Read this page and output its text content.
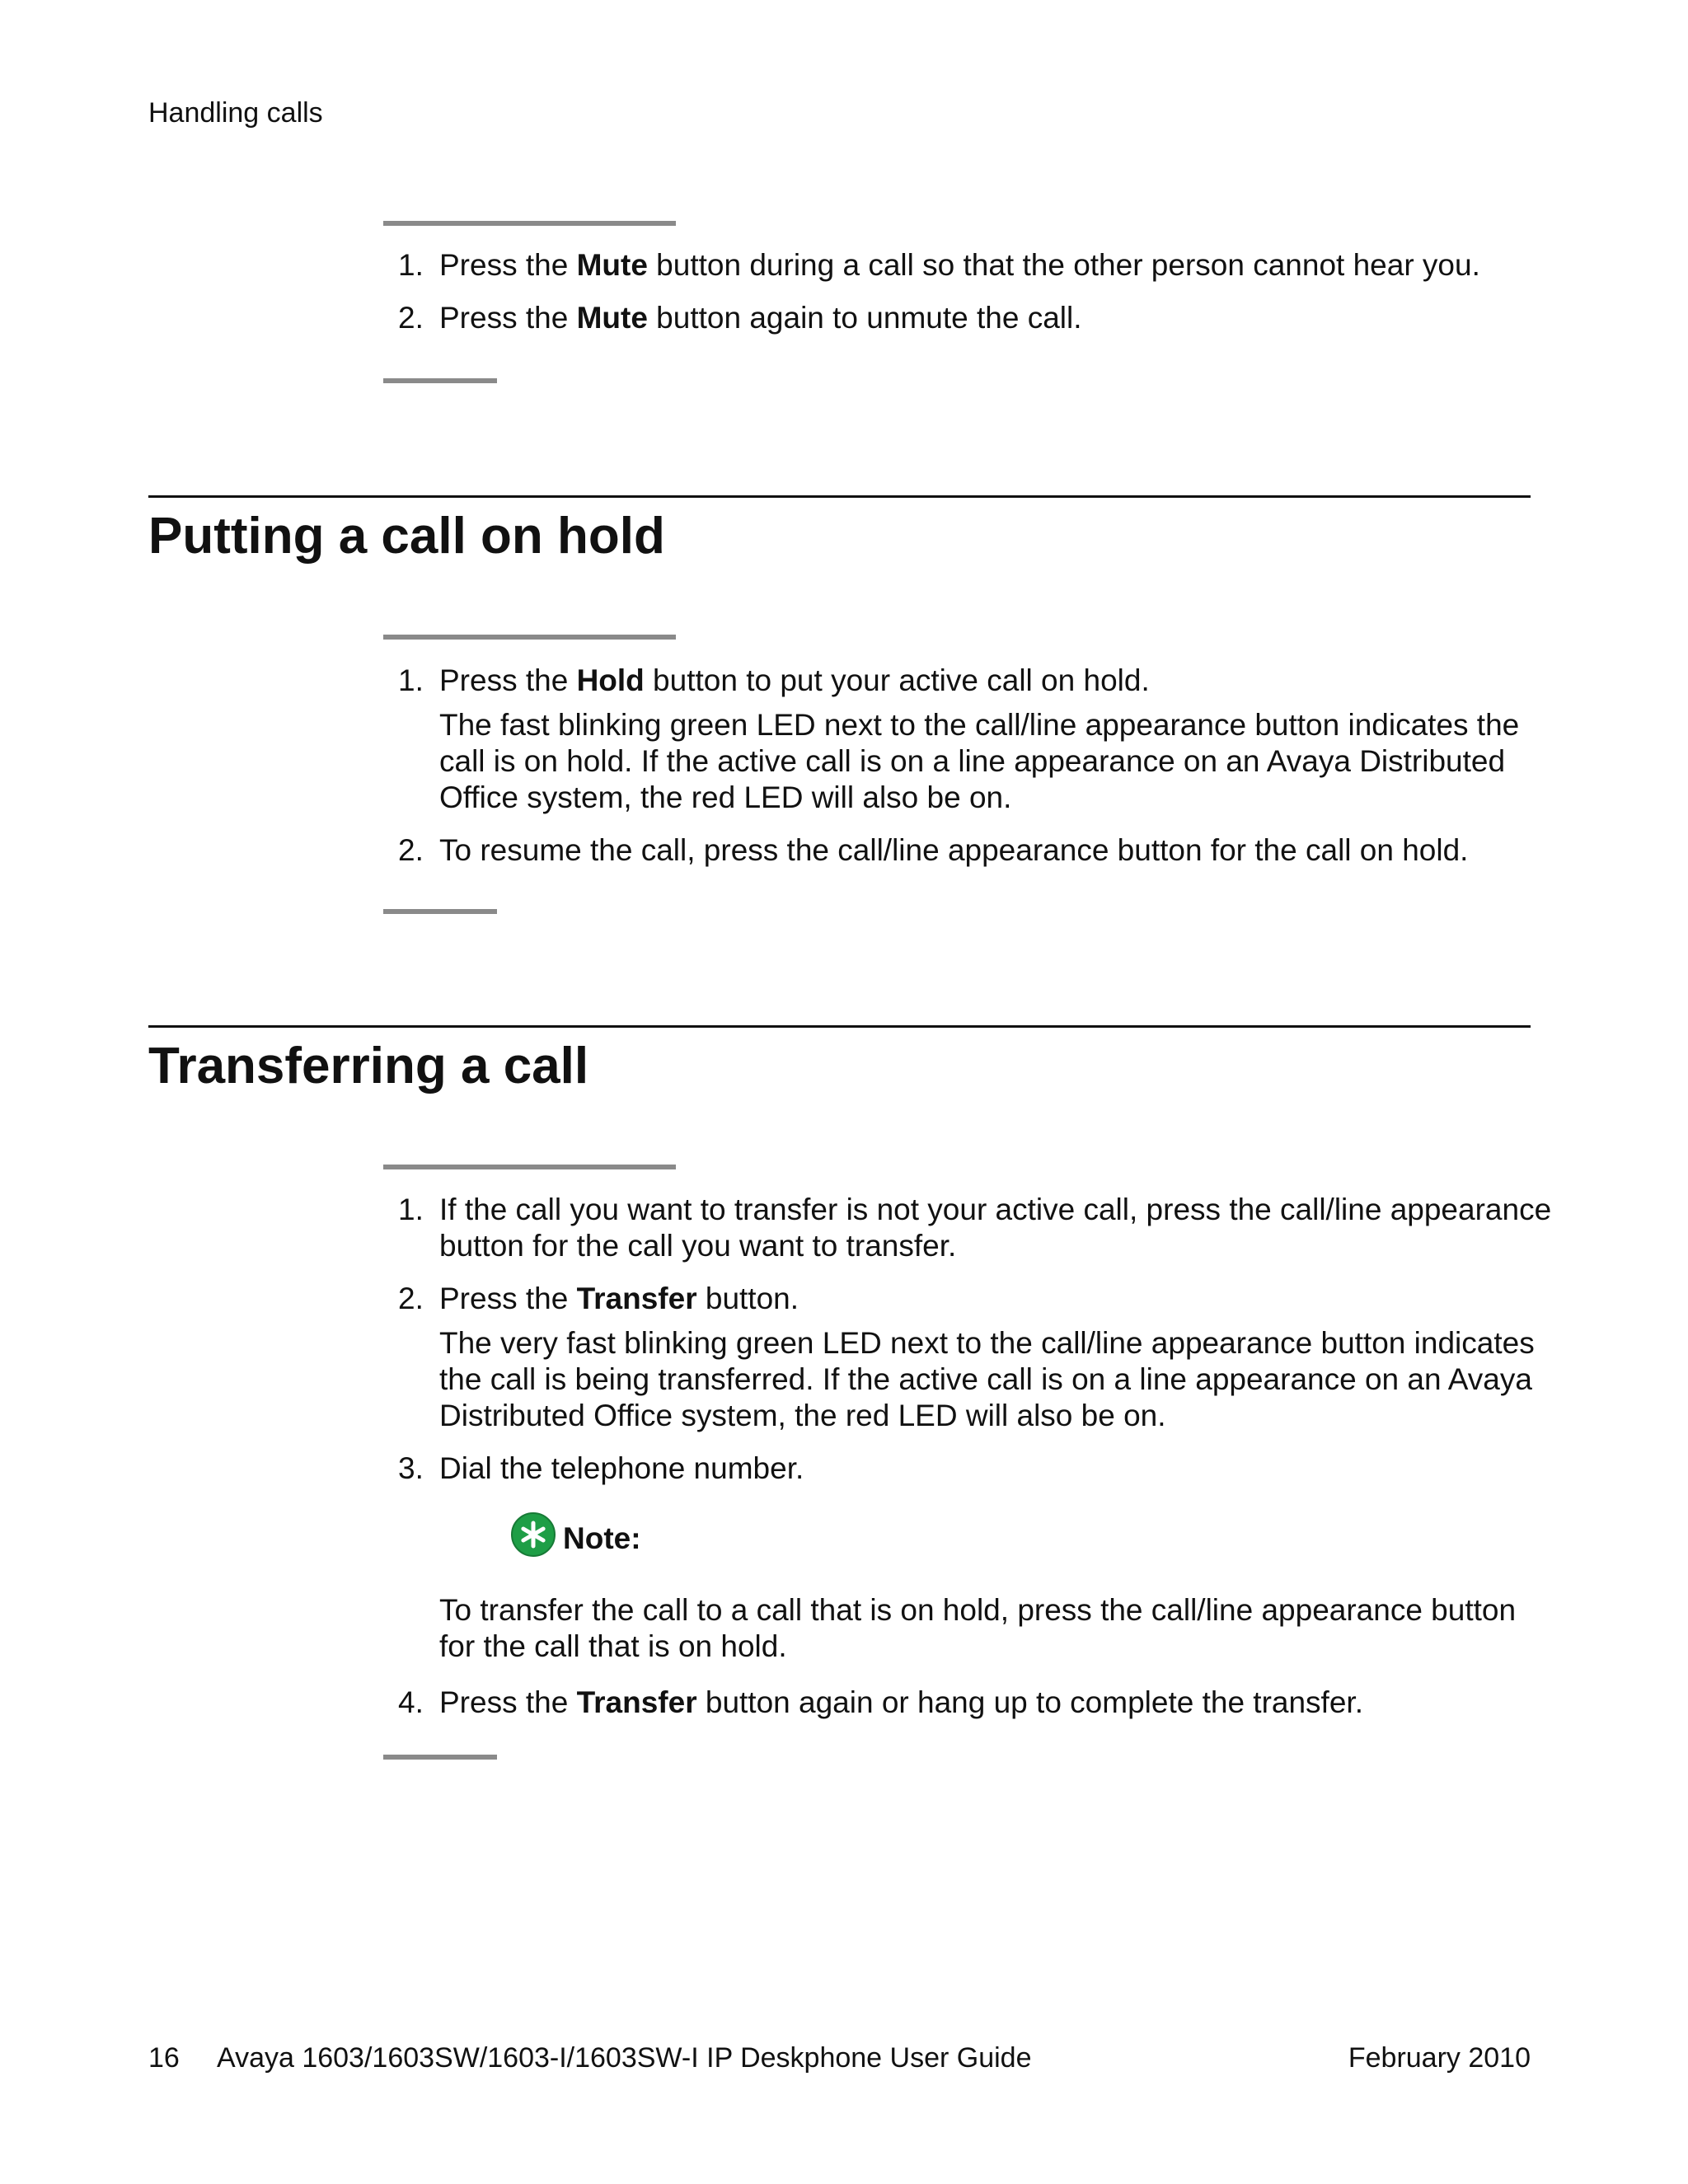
Handling calls
1. Press the Mute button during a call so that the other person cannot hear you.
2. Press the Mute button again to unmute the call.
Putting a call on hold
1. Press the Hold button to put your active call on hold.
The fast blinking green LED next to the call/line appearance button indicates the call is on hold. If the active call is on a line appearance on an Avaya Distributed Office system, the red LED will also be on.
2. To resume the call, press the call/line appearance button for the call on hold.
Transferring a call
1. If the call you want to transfer is not your active call, press the call/line appearance button for the call you want to transfer.
2. Press the Transfer button.
The very fast blinking green LED next to the call/line appearance button indicates the call is being transferred. If the active call is on a line appearance on an Avaya Distributed Office system, the red LED will also be on.
3. Dial the telephone number.
Note:
To transfer the call to a call that is on hold, press the call/line appearance button for the call that is on hold.
4. Press the Transfer button again or hang up to complete the transfer.
16 Avaya 1603/1603SW/1603-I/1603SW-I IP Deskphone User Guide	February 2010
